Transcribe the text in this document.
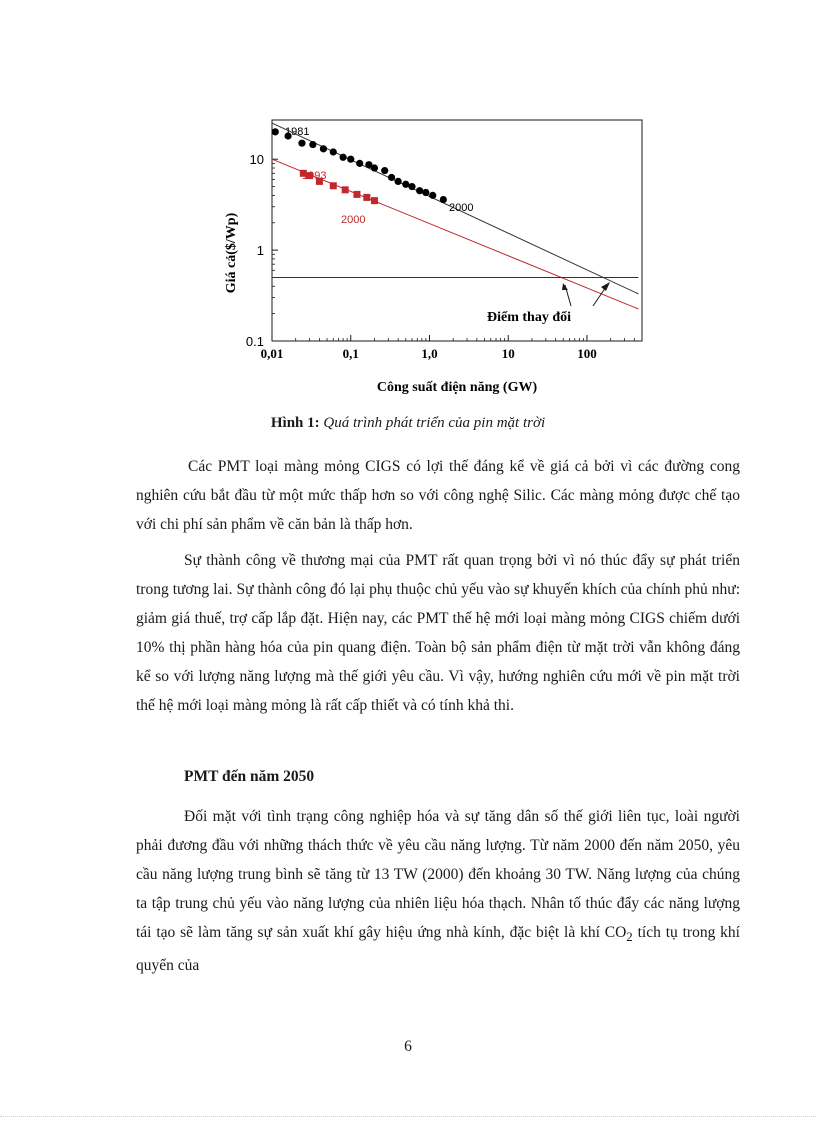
0,01	0,1	1,0	10	100
0.1
1
10
1981
2000
1993
2000
Điểm thay đổi
Công suất điện năng (GW)
Giá cả($/Wp)
Hình 1: Quá trình phát triển của pin mặt trời

Các PMT loại màng mỏng CIGS có lợi thế đáng kể về giá cả bởi vì các đường cong nghiên cứu bắt đầu từ một mức thấp hơn so với công nghệ Silic. Các màng mỏng được chế tạo với chi phí sản phẩm về căn bản là thấp hơn.

Sự thành công về thương mại của PMT rất quan trọng bởi vì nó thúc đẩy sự phát triển trong tương lai. Sự thành công đó lại phụ thuộc chủ yếu vào sự khuyến khích của chính phủ như: giảm giá thuế, trợ cấp lắp đặt. Hiện nay, các PMT thế hệ mới loại màng mỏng CIGS chiếm dưới 10% thị phần hàng hóa của pin quang điện. Toàn bộ sản phẩm điện từ mặt trời vẫn không đáng kể so với lượng năng lượng mà thế giới yêu cầu. Vì vậy, hướng nghiên cứu mới về pin mặt trời thế hệ mới loại màng mỏng là rất cấp thiết và có tính khả thi.

PMT đến năm 2050

Đối mặt với tình trạng công nghiệp hóa và sự tăng dân số thế giới liên tục, loài người phải đương đầu với những thách thức về yêu cầu năng lượng. Từ năm 2000 đến năm 2050, yêu cầu năng lượng trung bình sẽ tăng từ 13 TW (2000) đến khoảng 30 TW. Năng lượng của chúng ta tập trung chủ yếu vào năng lượng của nhiên liệu hóa thạch. Nhân tố thúc đẩy các năng lượng tái tạo sẽ làm tăng sự sản xuất khí gây hiệu ứng nhà kính, đặc biệt là khí $CO_2$ tích tụ trong khí quyển của

6
